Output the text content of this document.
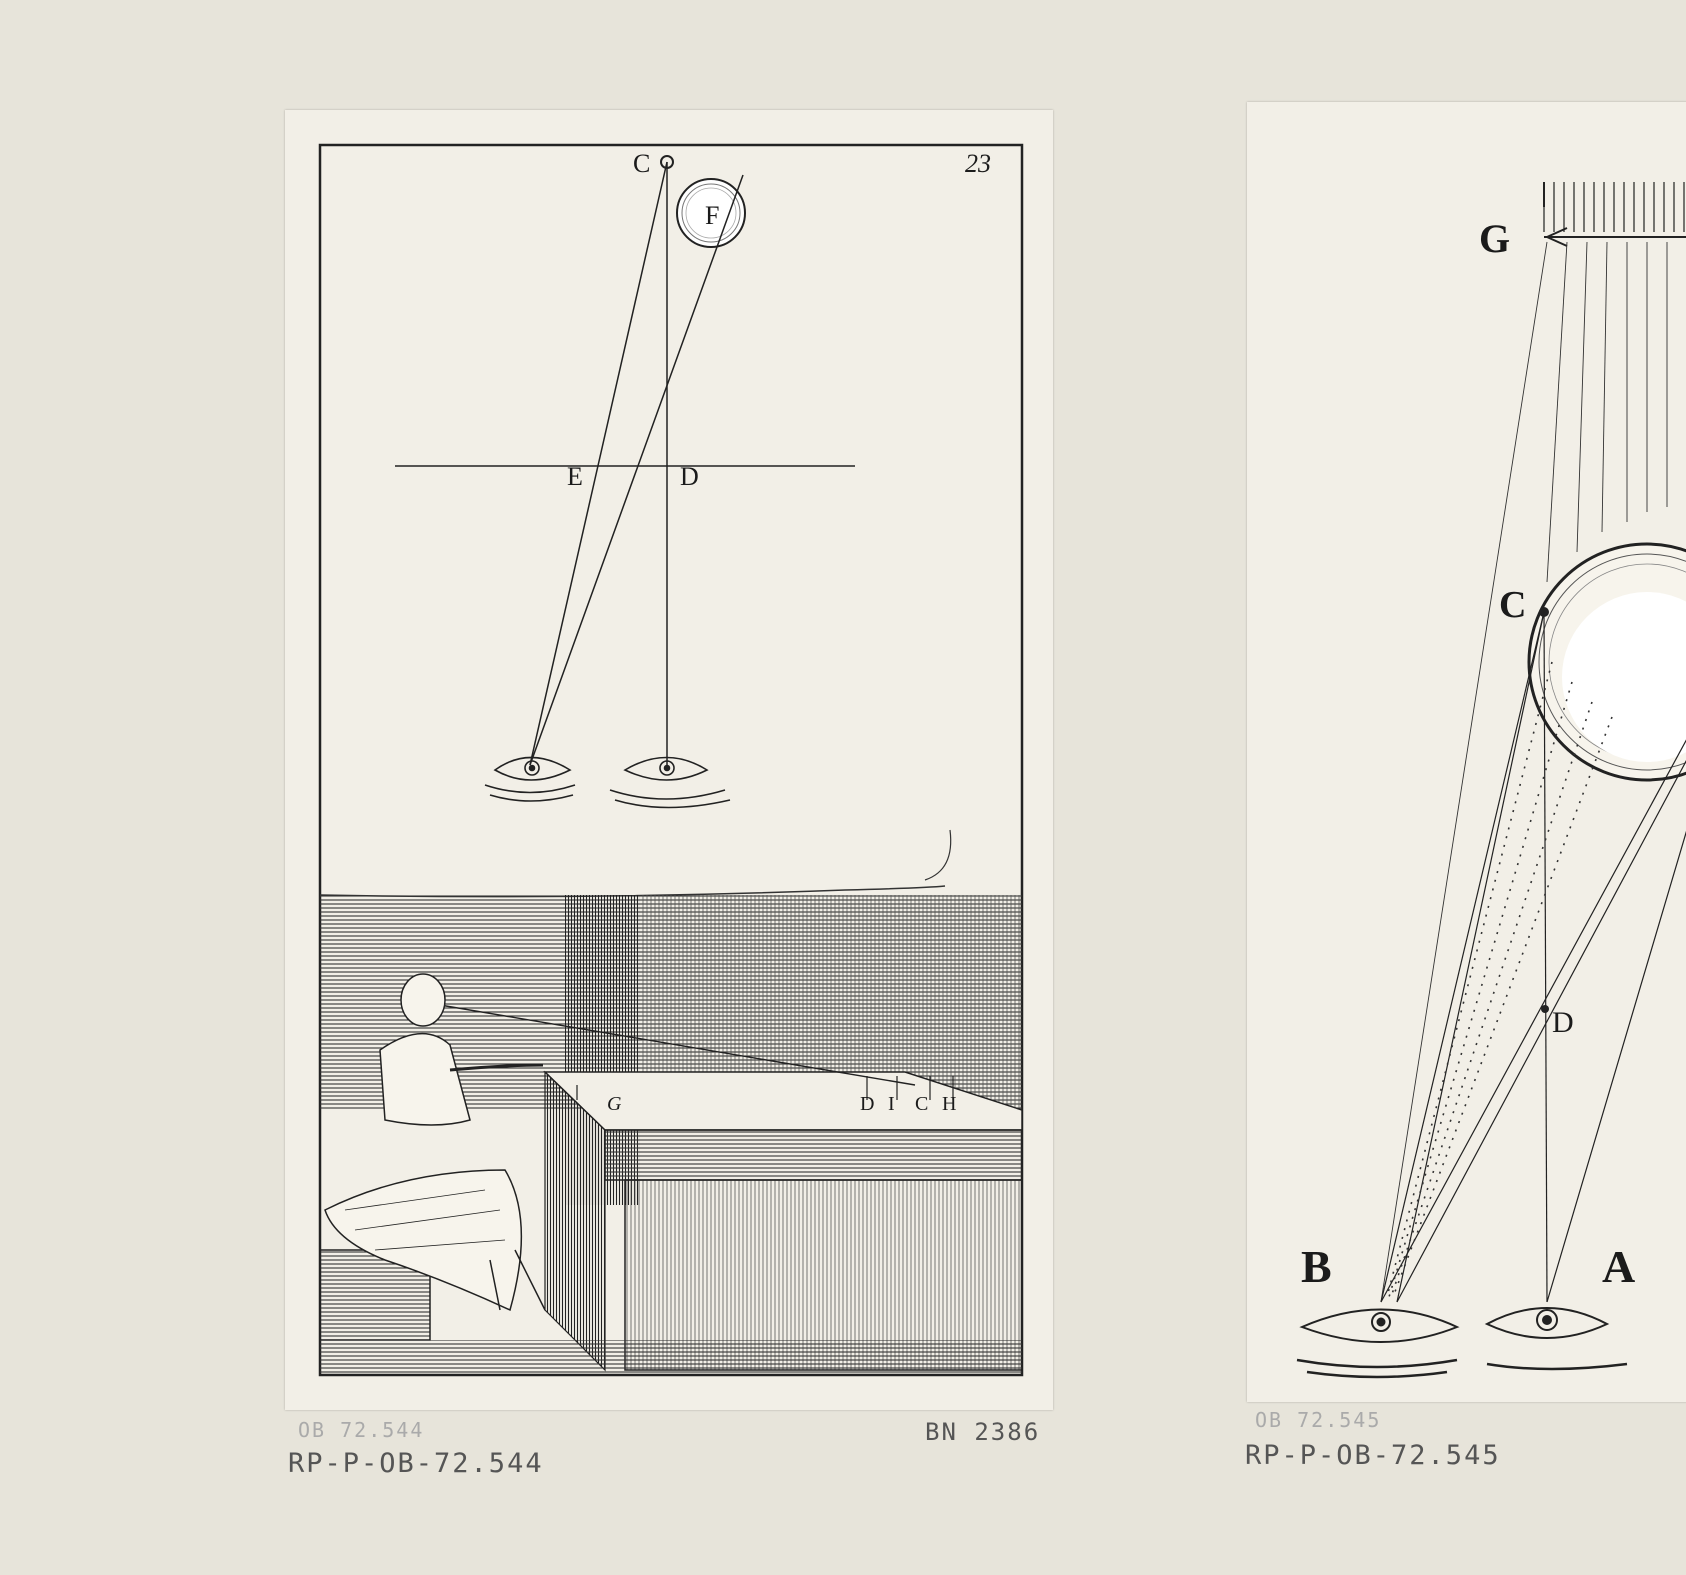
23
F
C
E	D
G	D I C H
OB 72.544
RP-P-OB-72.544
BN 2386
G
C
D
B	A
OB 72.545
RP-P-OB-72.545
